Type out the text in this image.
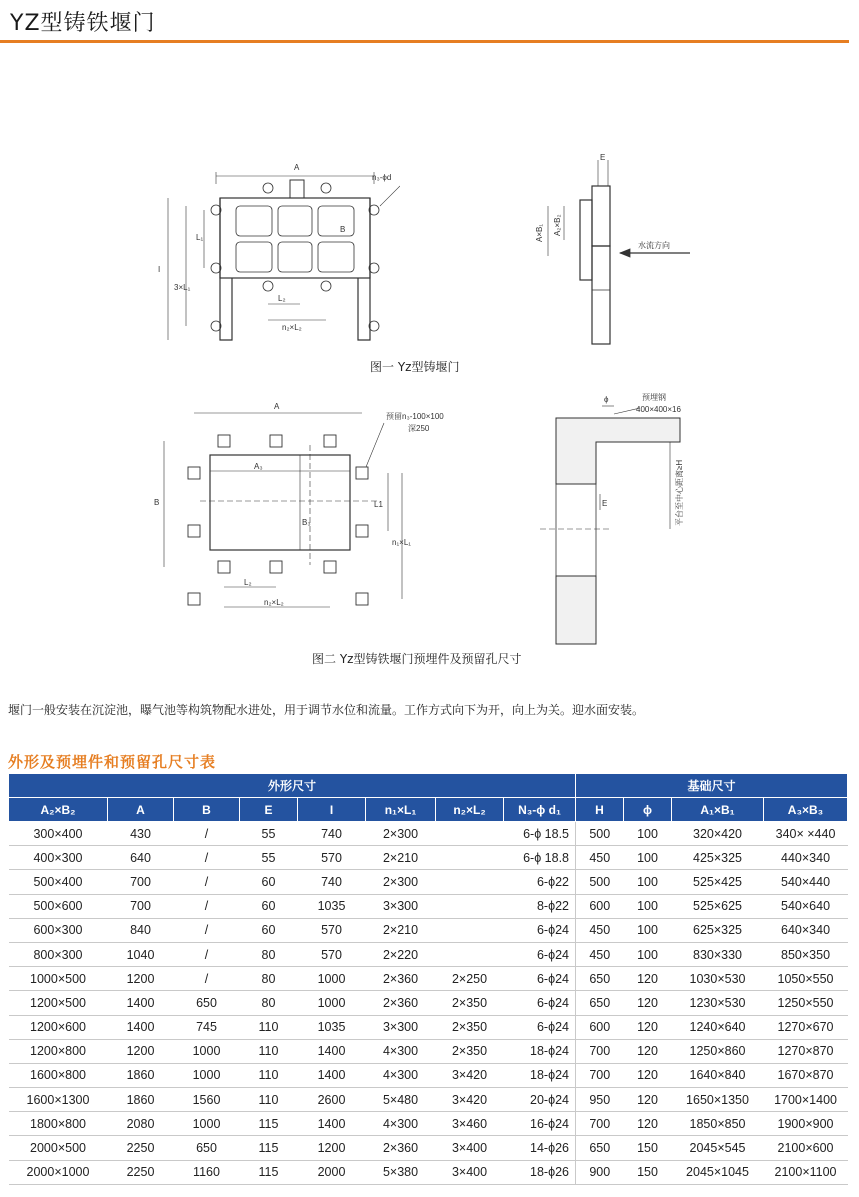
YZ型铸铁堰门
A
B
I
L₁
3×L₁
L₂
n₂×L₂
n₃-ϕd
E
A×B₁ A₂×B₂
水流方向
图一 Yz型铸堰门
A
A₃
B
B₃
L1
n₁×L₁
L₂
n₂×L₂
预留n₃-100×100
深250
ϕ	预埋钢
400×400×16
E	平台至中心距离≥H
图二 Yz型铸铁堰门预埋件及预留孔尺寸
堰门一般安装在沉淀池，曝气池等构筑物配水进处，用于调节水位和流量。工作方式向下为开，向上为关。迎水面安装。
外形及预埋件和预留孔尺寸表
外形尺寸								基础尺寸			
A₂×B₂	A	B	E	I	n₁×L₁	n₂×L₂	N₃-ϕ d₁	H	ϕ	A₁×B₁	A₃×B₃
300×400	430	/	55	740	2×300		6-ϕ 18.5	500	100	320×420	340× ×440
400×300	640	/	55	570	2×210		6-ϕ 18.8	450	100	425×325	440×340
500×400	700	/	60	740	2×300		6-ϕ22	500	100	525×425	540×440
500×600	700	/	60	1035	3×300		8-ϕ22	600	100	525×625	540×640
600×300	840	/	60	570	2×210		6-ϕ24	450	100	625×325	640×340
800×300	1040	/	80	570	2×220		6-ϕ24	450	100	830×330	850×350
1000×500	1200	/	80	1000	2×360	2×250	6-ϕ24	650	120	1030×530	1050×550
1200×500	1400	650	80	1000	2×360	2×350	6-ϕ24	650	120	1230×530	1250×550
1200×600	1400	745	110	1035	3×300	2×350	6-ϕ24	600	120	1240×640	1270×670
1200×800	1200	1000	110	1400	4×300	2×350	18-ϕ24	700	120	1250×860	1270×870
1600×800	1860	1000	110	1400	4×300	3×420	18-ϕ24	700	120	1640×840	1670×870
1600×1300	1860	1560	110	2600	5×480	3×420	20-ϕ24	950	120	1650×1350	1700×1400
1800×800	2080	1000	115	1400	4×300	3×460	16-ϕ24	700	120	1850×850	1900×900
2000×500	2250	650	115	1200	2×360	3×400	14-ϕ26	650	150	2045×545	2100×600
2000×1000	2250	1160	115	2000	5×380	3×400	18-ϕ26	900	150	2045×1045	2100×1100
